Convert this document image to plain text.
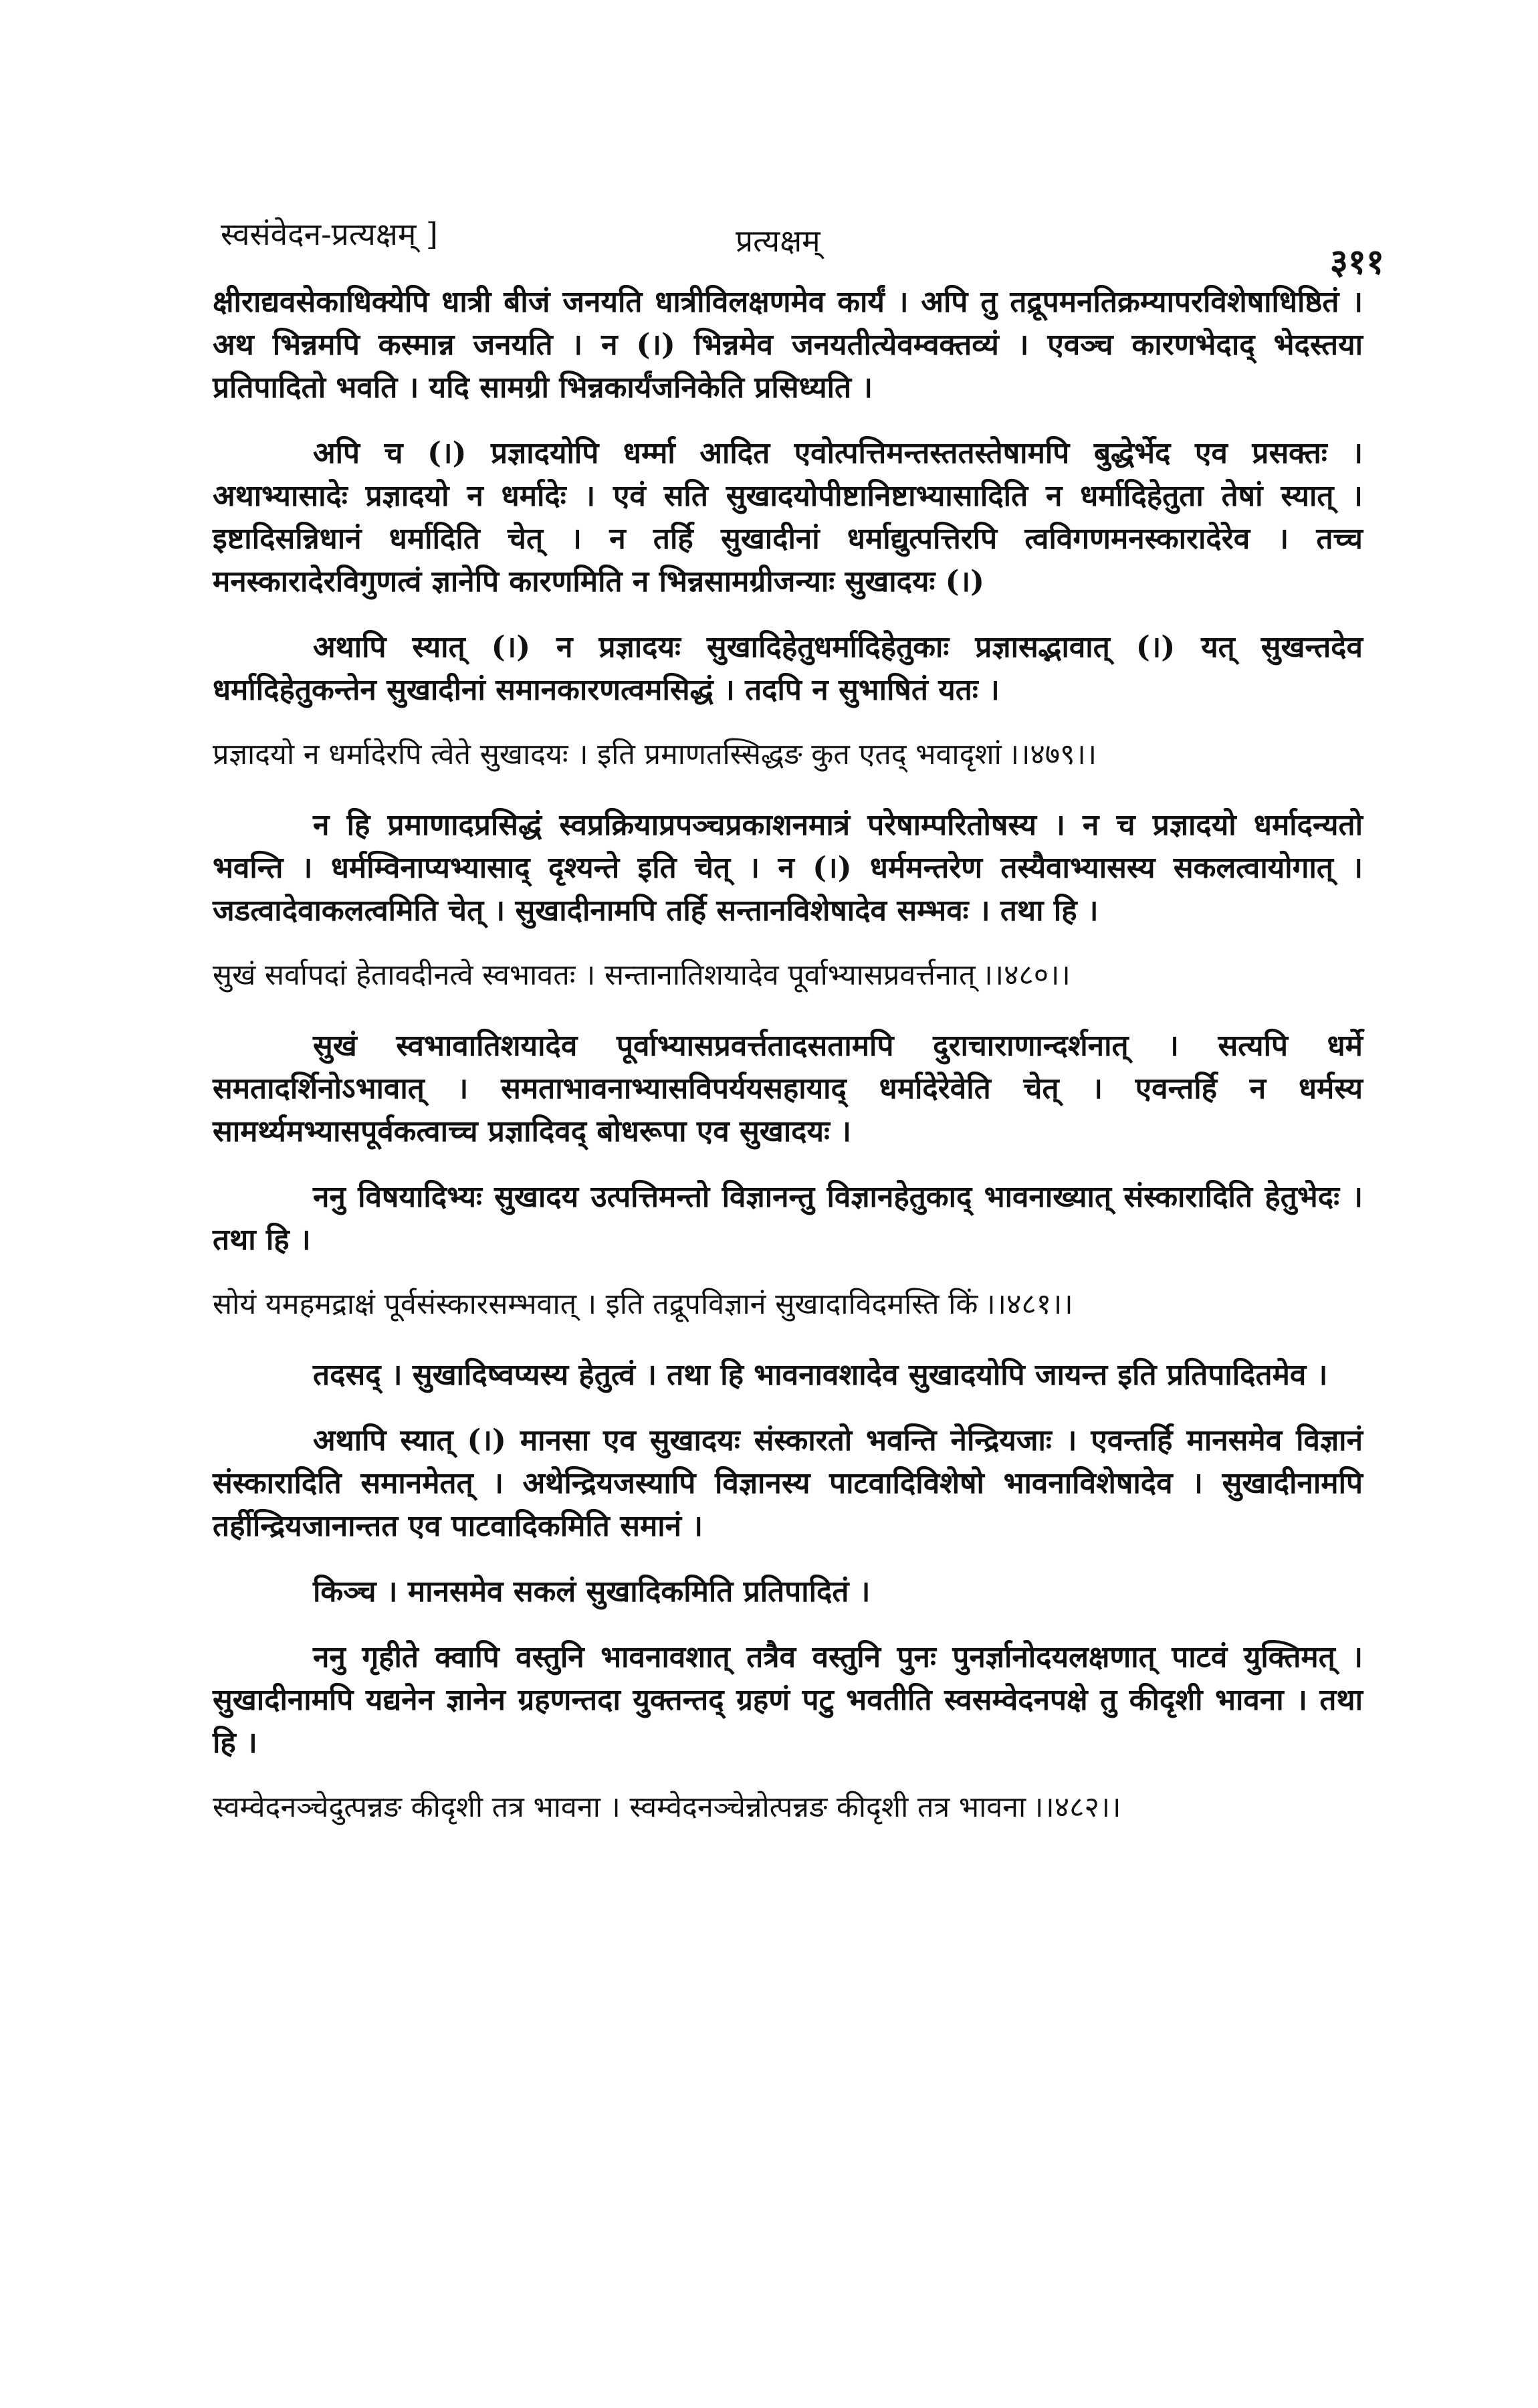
स्वसंवेदन-प्रत्यक्षम् ]	प्रत्यक्षम्
३११

क्षीराद्यवसेकाधिक्येपि धात्री बीजं जनयति धात्रीविलक्षणमेव कार्यं । अपि तु तद्रूपमनतिक्रम्यापरविशेषाधिष्ठितं । अथ भिन्नमपि कस्मान्न जनयति । न (।) भिन्नमेव जनयतीत्येवम्वक्तव्यं । एवञ्च कारणभेदाद् भेदस्तया प्रतिपादितो भवति । यदि सामग्री भिन्नकार्यंजनिकेति प्रसिध्यति ।

अपि च (।) प्रज्ञादयोपि धर्म्मा आदित एवोत्पत्तिमन्तस्ततस्तेषामपि बुद्धेर्भेद एव प्रसक्तः । अथाभ्यासादेः प्रज्ञादयो न धर्मादेः । एवं सति सुखादयोपीष्टानिष्टाभ्यासादिति न धर्मादिहेतुता तेषां स्यात् । इष्टादिसन्निधानं धर्मादिति चेत् । न तर्हि सुखादीनां धर्माद्युत्पत्तिरपि त्वविगणमनस्कारादेरेव । तच्च मनस्कारादेरविगुणत्वं ज्ञानेपि कारणमिति न भिन्नसामग्रीजन्याः सुखादयः (।)

अथापि स्यात् (।) न प्रज्ञादयः सुखादिहेतुधर्मादिहेतुकाः प्रज्ञासद्भावात् (।) यत् सुखन्तदेव धर्मादिहेतुकन्तेन सुखादीनां समानकारणत्वमसिद्धं । तदपि न सुभाषितं यतः ।

प्रज्ञादयो न धर्मादेरपि त्वेते सुखादयः । इति प्रमाणतस्सिद्धङ कुत एतद् भवादृशां ।।४७९।।

न हि प्रमाणादप्रसिद्धं स्वप्रक्रियाप्रपञ्चप्रकाशनमात्रं परेषाम्परितोषस्य । न च प्रज्ञादयो धर्मादन्यतो भवन्ति । धर्मम्विनाप्यभ्यासाद् दृश्यन्ते इति चेत् । न (।) धर्ममन्तरेण तस्यैवाभ्यासस्य सकलत्वायोगात् । जडत्वादेवाकलत्वमिति चेत् । सुखादीनामपि तर्हि सन्तानविशेषादेव सम्भवः । तथा हि ।

सुखं सर्वापदां हेतावदीनत्वे स्वभावतः । सन्तानातिशयादेव पूर्वाभ्यासप्रवर्त्तनात् ।।४८०।।

सुखं स्वभावातिशयादेव पूर्वाभ्यासप्रवर्त्ततादसतामपि दुराचाराणान्दर्शनात् । सत्यपि धर्मे समतादर्शिनोऽभावात् । समताभावनाभ्यासविपर्ययसहायाद् धर्मादेरेवेति चेत् । एवन्तर्हि न धर्मस्य सामर्थ्यमभ्यासपूर्वकत्वाच्च प्रज्ञादिवद् बोधरूपा एव सुखादयः ।

ननु विषयादिभ्यः सुखादय उत्पत्तिमन्तो विज्ञानन्तु विज्ञानहेतुकाद् भावनाख्यात् संस्कारादिति हेतुभेदः । तथा हि ।

सोयं यमहमद्राक्षं पूर्वसंस्कारसम्भवात् । इति तद्रूपविज्ञानं सुखादाविदमस्ति किं ।।४८१।।

तदसद् । सुखादिष्वप्यस्य हेतुत्वं । तथा हि भावनावशादेव सुखादयोपि जायन्त इति प्रतिपादितमेव ।

अथापि स्यात् (।) मानसा एव सुखादयः संस्कारतो भवन्ति नेन्द्रियजाः । एवन्तर्हि मानसमेव विज्ञानं संस्कारादिति समानमेतत् । अथेन्द्रियजस्यापि विज्ञानस्य पाटवादिविशेषो भावनाविशेषादेव । सुखादीनामपि तर्हीन्द्रियजानान्तत एव पाटवादिकमिति समानं ।

किञ्च । मानसमेव सकलं सुखादिकमिति प्रतिपादितं ।

ननु गृहीते क्वापि वस्तुनि भावनावशात् तत्रैव वस्तुनि पुनः पुनर्ज्ञानोदयलक्षणात् पाटवं युक्तिमत् । सुखादीनामपि यद्यनेन ज्ञानेन ग्रहणन्तदा युक्तन्तद् ग्रहणं पटु भवतीति स्वसम्वेदनपक्षे तु कीदृशी भावना । तथा हि ।

स्वम्वेदनञ्चेदुत्पन्नङ कीदृशी तत्र भावना । स्वम्वेदनञ्चेन्नोत्पन्नङ कीदृशी तत्र भावना ।।४८२।।
